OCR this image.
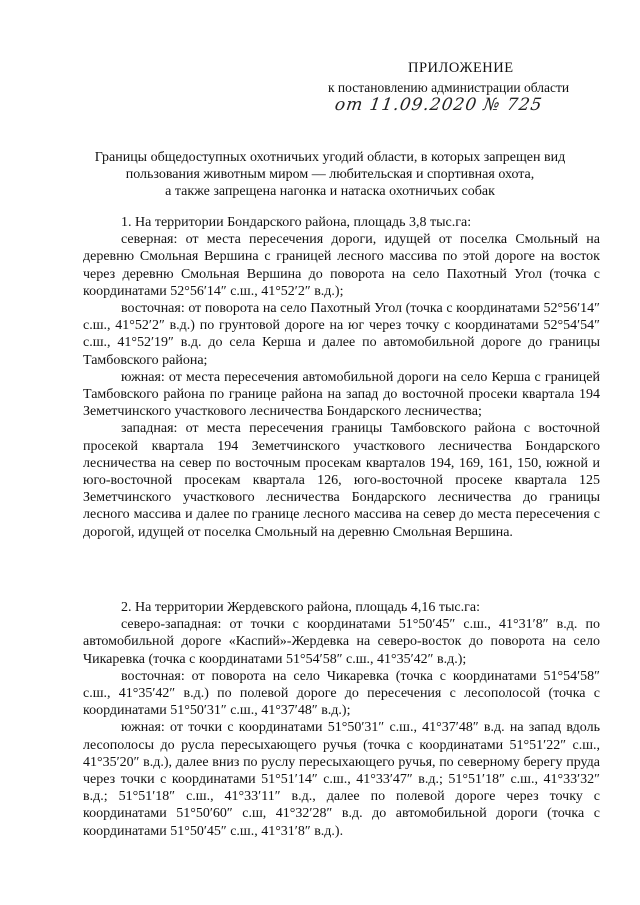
ПРИЛОЖЕНИЕ
к постановлению администрации области
от 11.09.2020 № 725
Границы общедоступных охотничьих угодий области, в которых запрещен вид
пользования животным миром — любительская и спортивная охота,
а также запрещена нагонка и натаска охотничьих собак
1. На территории Бондарского района, площадь 3,8 тыс.га:
северная: от места пересечения дороги, идущей от поселка Смольный на деревню Смольная Вершина с границей лесного массива по этой дороге на восток через деревню Смольная Вершина до поворота на село Пахотный Угол (точка с координатами 52°56′14″ с.ш., 41°52′2″ в.д.);
восточная: от поворота на село Пахотный Угол (точка с координатами 52°56′14″ с.ш., 41°52′2″ в.д.) по грунтовой дороге на юг через точку с координатами 52°54′54″ с.ш., 41°52′19″ в.д. до села Керша и далее по автомобильной дороге до границы Тамбовского района;
южная: от места пересечения автомобильной дороги на село Керша с границей Тамбовского района по границе района на запад до восточной просеки квартала 194 Земетчинского участкового лесничества Бондарского лесничества;
западная: от места пересечения границы Тамбовского района с восточной просекой квартала 194 Земетчинского участкового лесничества Бондарского лесничества на север по восточным просекам кварталов 194, 169, 161, 150, южной и юго-восточной просекам квартала 126, юго-восточной просеке квартала 125 Земетчинского участкового лесничества Бондарского лесничества до границы лесного массива и далее по границе лесного массива на север до места пересечения с дорогой, идущей от поселка Смольный на деревню Смольная Вершина.
2. На территории Жердевского района, площадь 4,16 тыс.га:
северо-западная: от точки с координатами 51°50′45″ с.ш., 41°31′8″ в.д. по автомобильной дороге «Каспий»-Жердевка на северо-восток до поворота на село Чикаревка (точка с координатами 51°54′58″ с.ш., 41°35′42″ в.д.);
восточная: от поворота на село Чикаревка (точка с координатами 51°54′58″ с.ш., 41°35′42″ в.д.) по полевой дороге до пересечения с лесополосой (точка с координатами 51°50′31″ с.ш., 41°37′48″ в.д.);
южная: от точки с координатами 51°50′31″ с.ш., 41°37′48″ в.д. на запад вдоль лесополосы до русла пересыхающего ручья (точка с координатами 51°51′22″ с.ш., 41°35′20″ в.д.), далее вниз по руслу пересыхающего ручья, по северному берегу пруда через точки с координатами 51°51′14″ с.ш., 41°33′47″ в.д.; 51°51′18″ с.ш., 41°33′32″ в.д.; 51°51′18″ с.ш., 41°33′11″ в.д., далее по полевой дороге через точку с координатами 51°50′60″ с.ш, 41°32′28″ в.д. до автомобильной дороги (точка с координатами 51°50′45″ с.ш., 41°31′8″ в.д.).
